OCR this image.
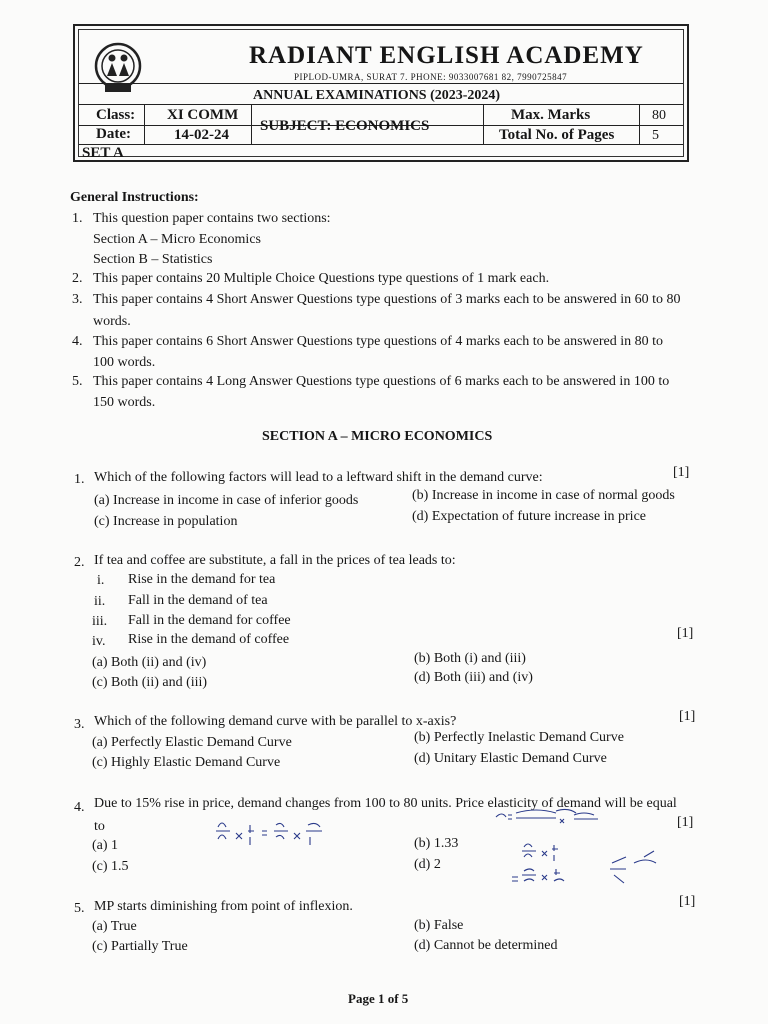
RADIANT ENGLISH ACADEMY
PIPLOD-UMRA, SURAT 7. PHONE: 9033007681 82, 7990725847
ANNUAL EXAMINATIONS (2023-2024)
Class: XI COMM
Date:	14-02-24
SUBJECT: ECONOMICS
Max. Marks	80
Total No. of Pages	5
SET A
General Instructions:
1. This question paper contains two sections:
Section A – Micro Economics
Section B – Statistics
2. This paper contains 20 Multiple Choice Questions type questions of 1 mark each.
3. This paper contains 4 Short Answer Questions type questions of 3 marks each to be answered in 60 to 80
words.
4. This paper contains 6 Short Answer Questions type questions of 4 marks each to be answered in 80 to
100 words.
5. This paper contains 4 Long Answer Questions type questions of 6 marks each to be answered in 100 to
150 words.
SECTION A – MICRO ECONOMICS
1. Which of the following factors will lead to a leftward shift in the demand curve:	[1]
(a) Increase in income in case of inferior goods	(b) Increase in income in case of normal goods
(c) Increase in population	(d) Expectation of future increase in price
2. If tea and coffee are substitute, a fall in the prices of tea leads to:
i. Rise in the demand for tea
ii. Fall in the demand of tea
iii. Fall in the demand for coffee
iv. Rise in the demand of coffee	[1]
(a) Both (ii) and (iv)	(b) Both (i) and (iii)
(c) Both (ii) and (iii)	(d) Both (iii) and (iv)
3. Which of the following demand curve with be parallel to x-axis?	[1]
(a) Perfectly Elastic Demand Curve	(b) Perfectly Inelastic Demand Curve
(c) Highly Elastic Demand Curve	(d) Unitary Elastic Demand Curve
4. Due to 15% rise in price, demand changes from 100 to 80 units. Price elasticity of demand will be equal
to	[1]
(a) 1	(b) 1.33
(c) 1.5	(d) 2
5. MP starts diminishing from point of inflexion.	[1]
(a) True	(b) False
(c) Partially True	(d) Cannot be determined
Page 1 of 5
